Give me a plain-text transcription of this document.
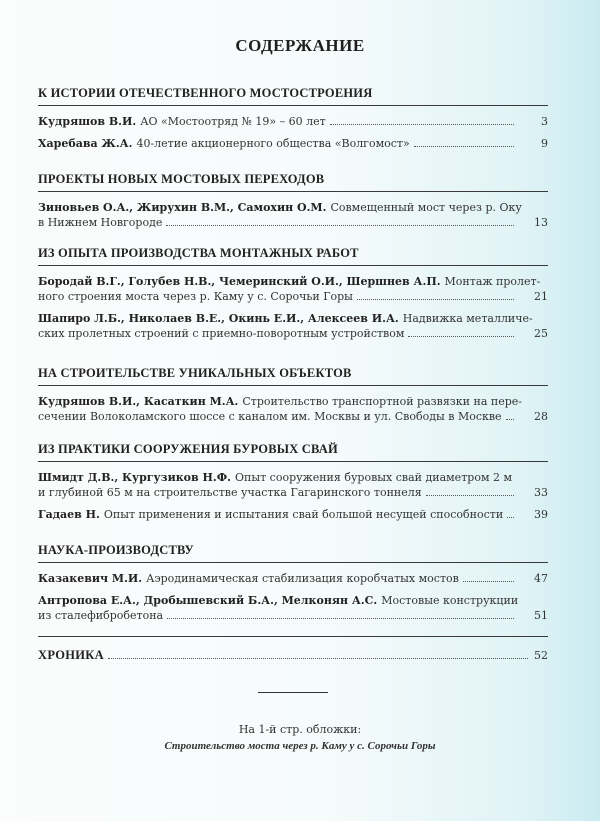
СОДЕРЖАНИЕ
К ИСТОРИИ ОТЕЧЕСТВЕННОГО МОСТОСТРОЕНИЯ
Кудряшов В.И. АО «Мостоотряд № 19» – 60 лет	3
Харебава Ж.А. 40-летие акционерного общества «Волгомост»	9
ПРОЕКТЫ НОВЫХ МОСТОВЫХ ПЕРЕХОДОВ
Зиновьев О.А., Жирухин В.М., Самохин О.М. Совмещенный мост через р. Оку
в Нижнем Новгороде	13
ИЗ ОПЫТА ПРОИЗВОДСТВА МОНТАЖНЫХ РАБОТ
Бородай В.Г., Голубев Н.В., Чемеринский О.И., Шершнев А.П. Монтаж пролет-
ного строения моста через р. Каму у с. Сорочьи Горы	21
Шапиро Л.Б., Николаев В.Е., Окинь Е.И., Алексеев И.А. Надвижка металличе-
ских пролетных строений с приемно-поворотным устройством	25
НА СТРОИТЕЛЬСТВЕ УНИКАЛЬНЫХ ОБЪЕКТОВ
Кудряшов В.И., Касаткин М.А. Строительство транспортной развязки на пере-
сечении Волоколамского шоссе с каналом им. Москвы и ул. Свободы в Москве	28
ИЗ ПРАКТИКИ СООРУЖЕНИЯ БУРОВЫХ СВАЙ
Шмидт Д.В., Кургузиков Н.Ф. Опыт сооружения буровых свай диаметром 2 м
и глубиной 65 м на строительстве участка Гагаринского тоннеля	33
Гадаев Н. Опыт применения и испытания свай большой несущей способности	39
НАУКА-ПРОИЗВОДСТВУ
Казакевич М.И. Аэродинамическая стабилизация коробчатых мостов	47
Антропова Е.А., Дробышевский Б.А., Мелконян А.С. Мостовые конструкции
из сталефибробетона	51
ХРОНИКА	52
На 1-й стр. обложки:
Строительство моста через р. Каму у с. Сорочьи Горы
